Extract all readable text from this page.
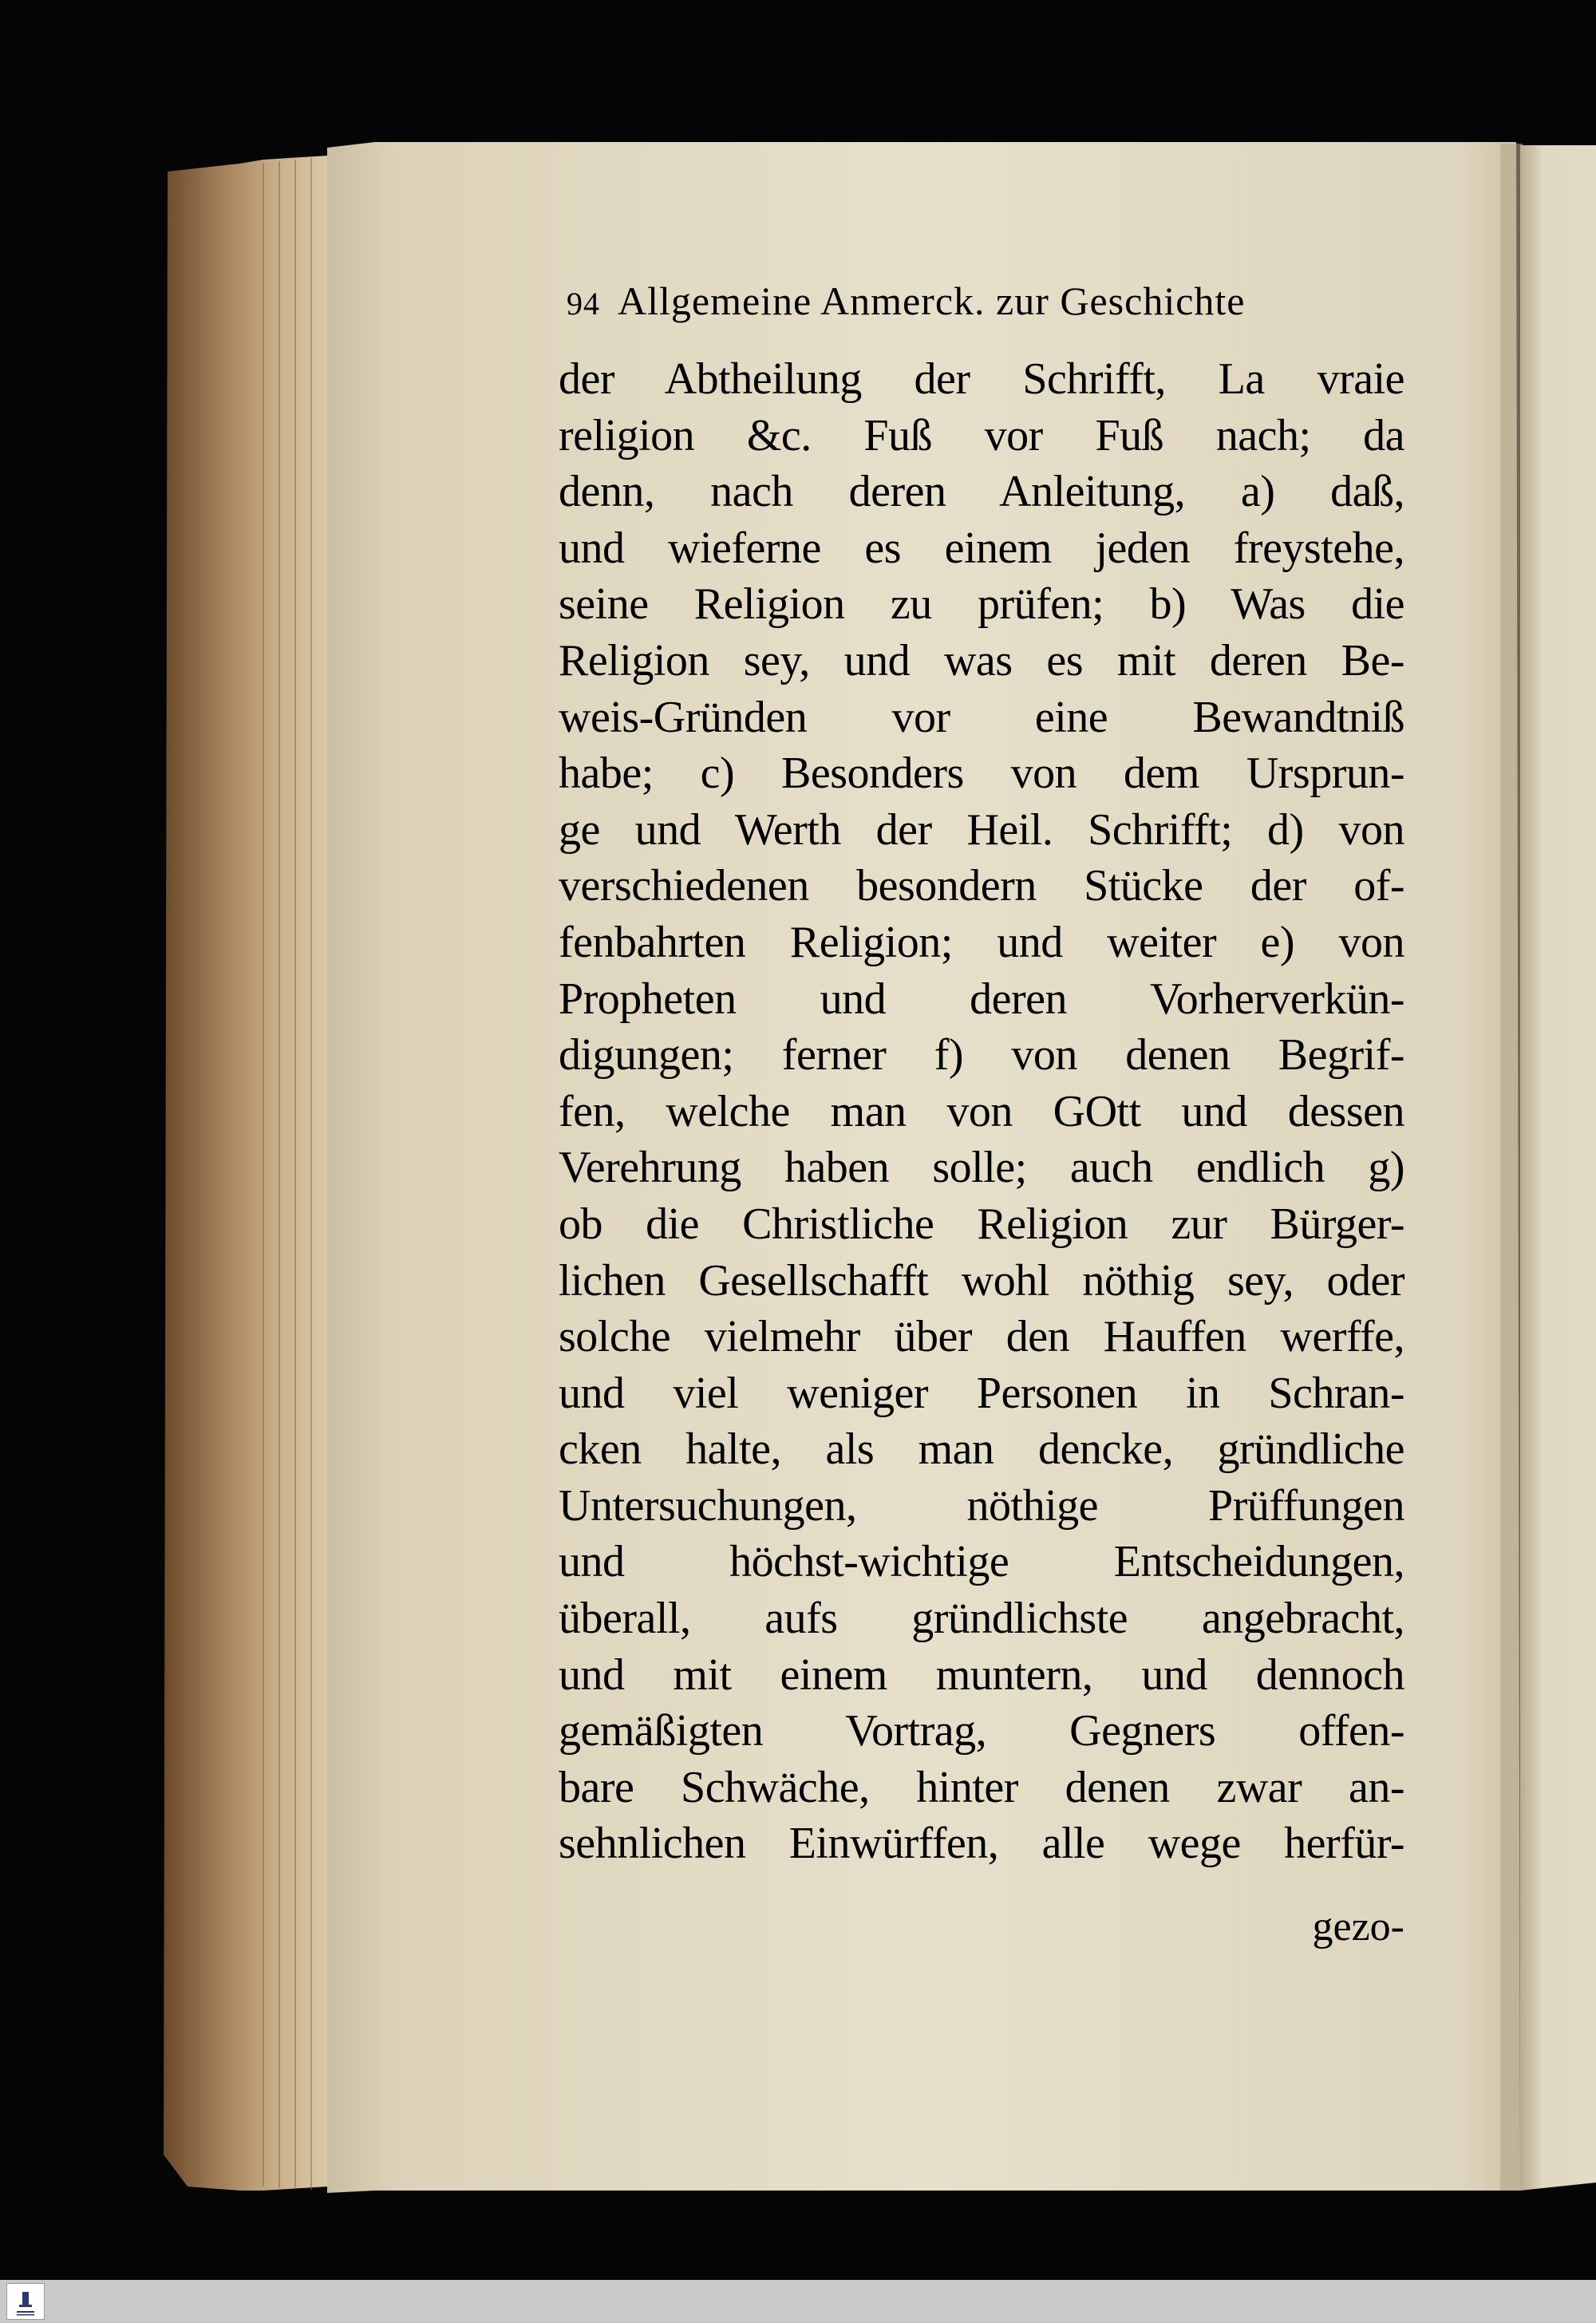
94 Allgemeine Anmerck. zur Geschichte
der Abtheilung der Schrifft, La vraie
religion &c. Fuß vor Fuß nach; da
denn, nach deren Anleitung, a) daß,
und wieferne es einem jeden freystehe,
seine Religion zu prüfen; b) Was die
Religion sey, und was es mit deren Be-
weis-Gründen vor eine Bewandtniß
habe; c) Besonders von dem Ursprun-
ge und Werth der Heil. Schrifft; d) von
verschiedenen besondern Stücke der of-
fenbahrten Religion; und weiter e) von
Propheten und deren Vorherverkün-
digungen; ferner f) von denen Begrif-
fen, welche man von GOtt und dessen
Verehrung haben solle; auch endlich g)
ob die Christliche Religion zur Bürger-
lichen Gesellschafft wohl nöthig sey, oder
solche vielmehr über den Hauffen werffe,
und viel weniger Personen in Schran-
cken halte, als man dencke, gründliche
Untersuchungen, nöthige Prüffungen
und höchst-wichtige Entscheidungen,
überall, aufs gründlichste angebracht,
und mit einem muntern, und dennoch
gemäßigten Vortrag, Gegners offen-
bare Schwäche, hinter denen zwar an-
sehnlichen Einwürffen, alle wege herfür-
gezo-
